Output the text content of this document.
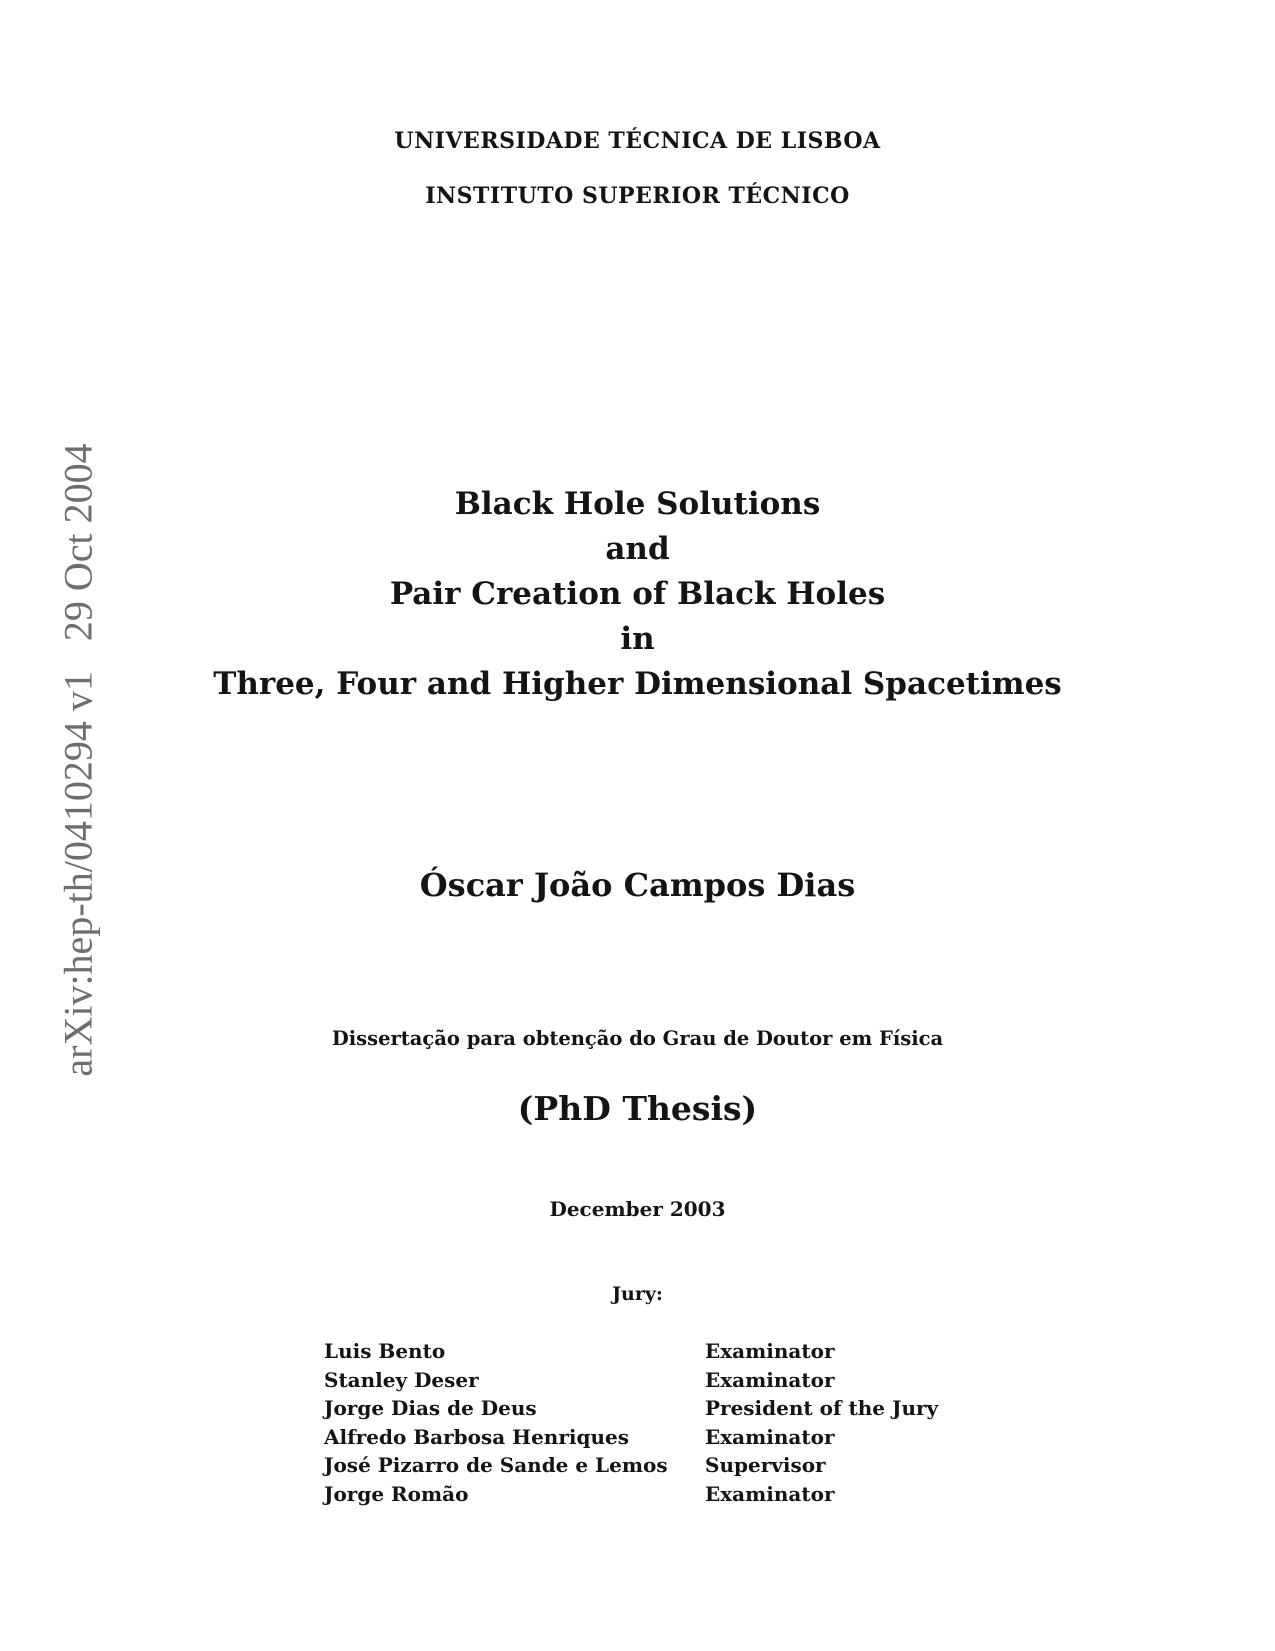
arXiv:hep-th/0410294 v1   29 Oct 2004
UNIVERSIDADE TÉCNICA DE LISBOA
INSTITUTO SUPERIOR TÉCNICO
Black Hole Solutions
and
Pair Creation of Black Holes
in
Three, Four and Higher Dimensional Spacetimes
Óscar João Campos Dias
Dissertação para obtenção do Grau de Doutor em Física
(PhD Thesis)
December 2003
Jury:
Luis Bento	Examinator
Stanley Deser	Examinator
Jorge Dias de Deus	President of the Jury
Alfredo Barbosa Henriques	Examinator
José Pizarro de Sande e Lemos	Supervisor
Jorge Romão	Examinator
